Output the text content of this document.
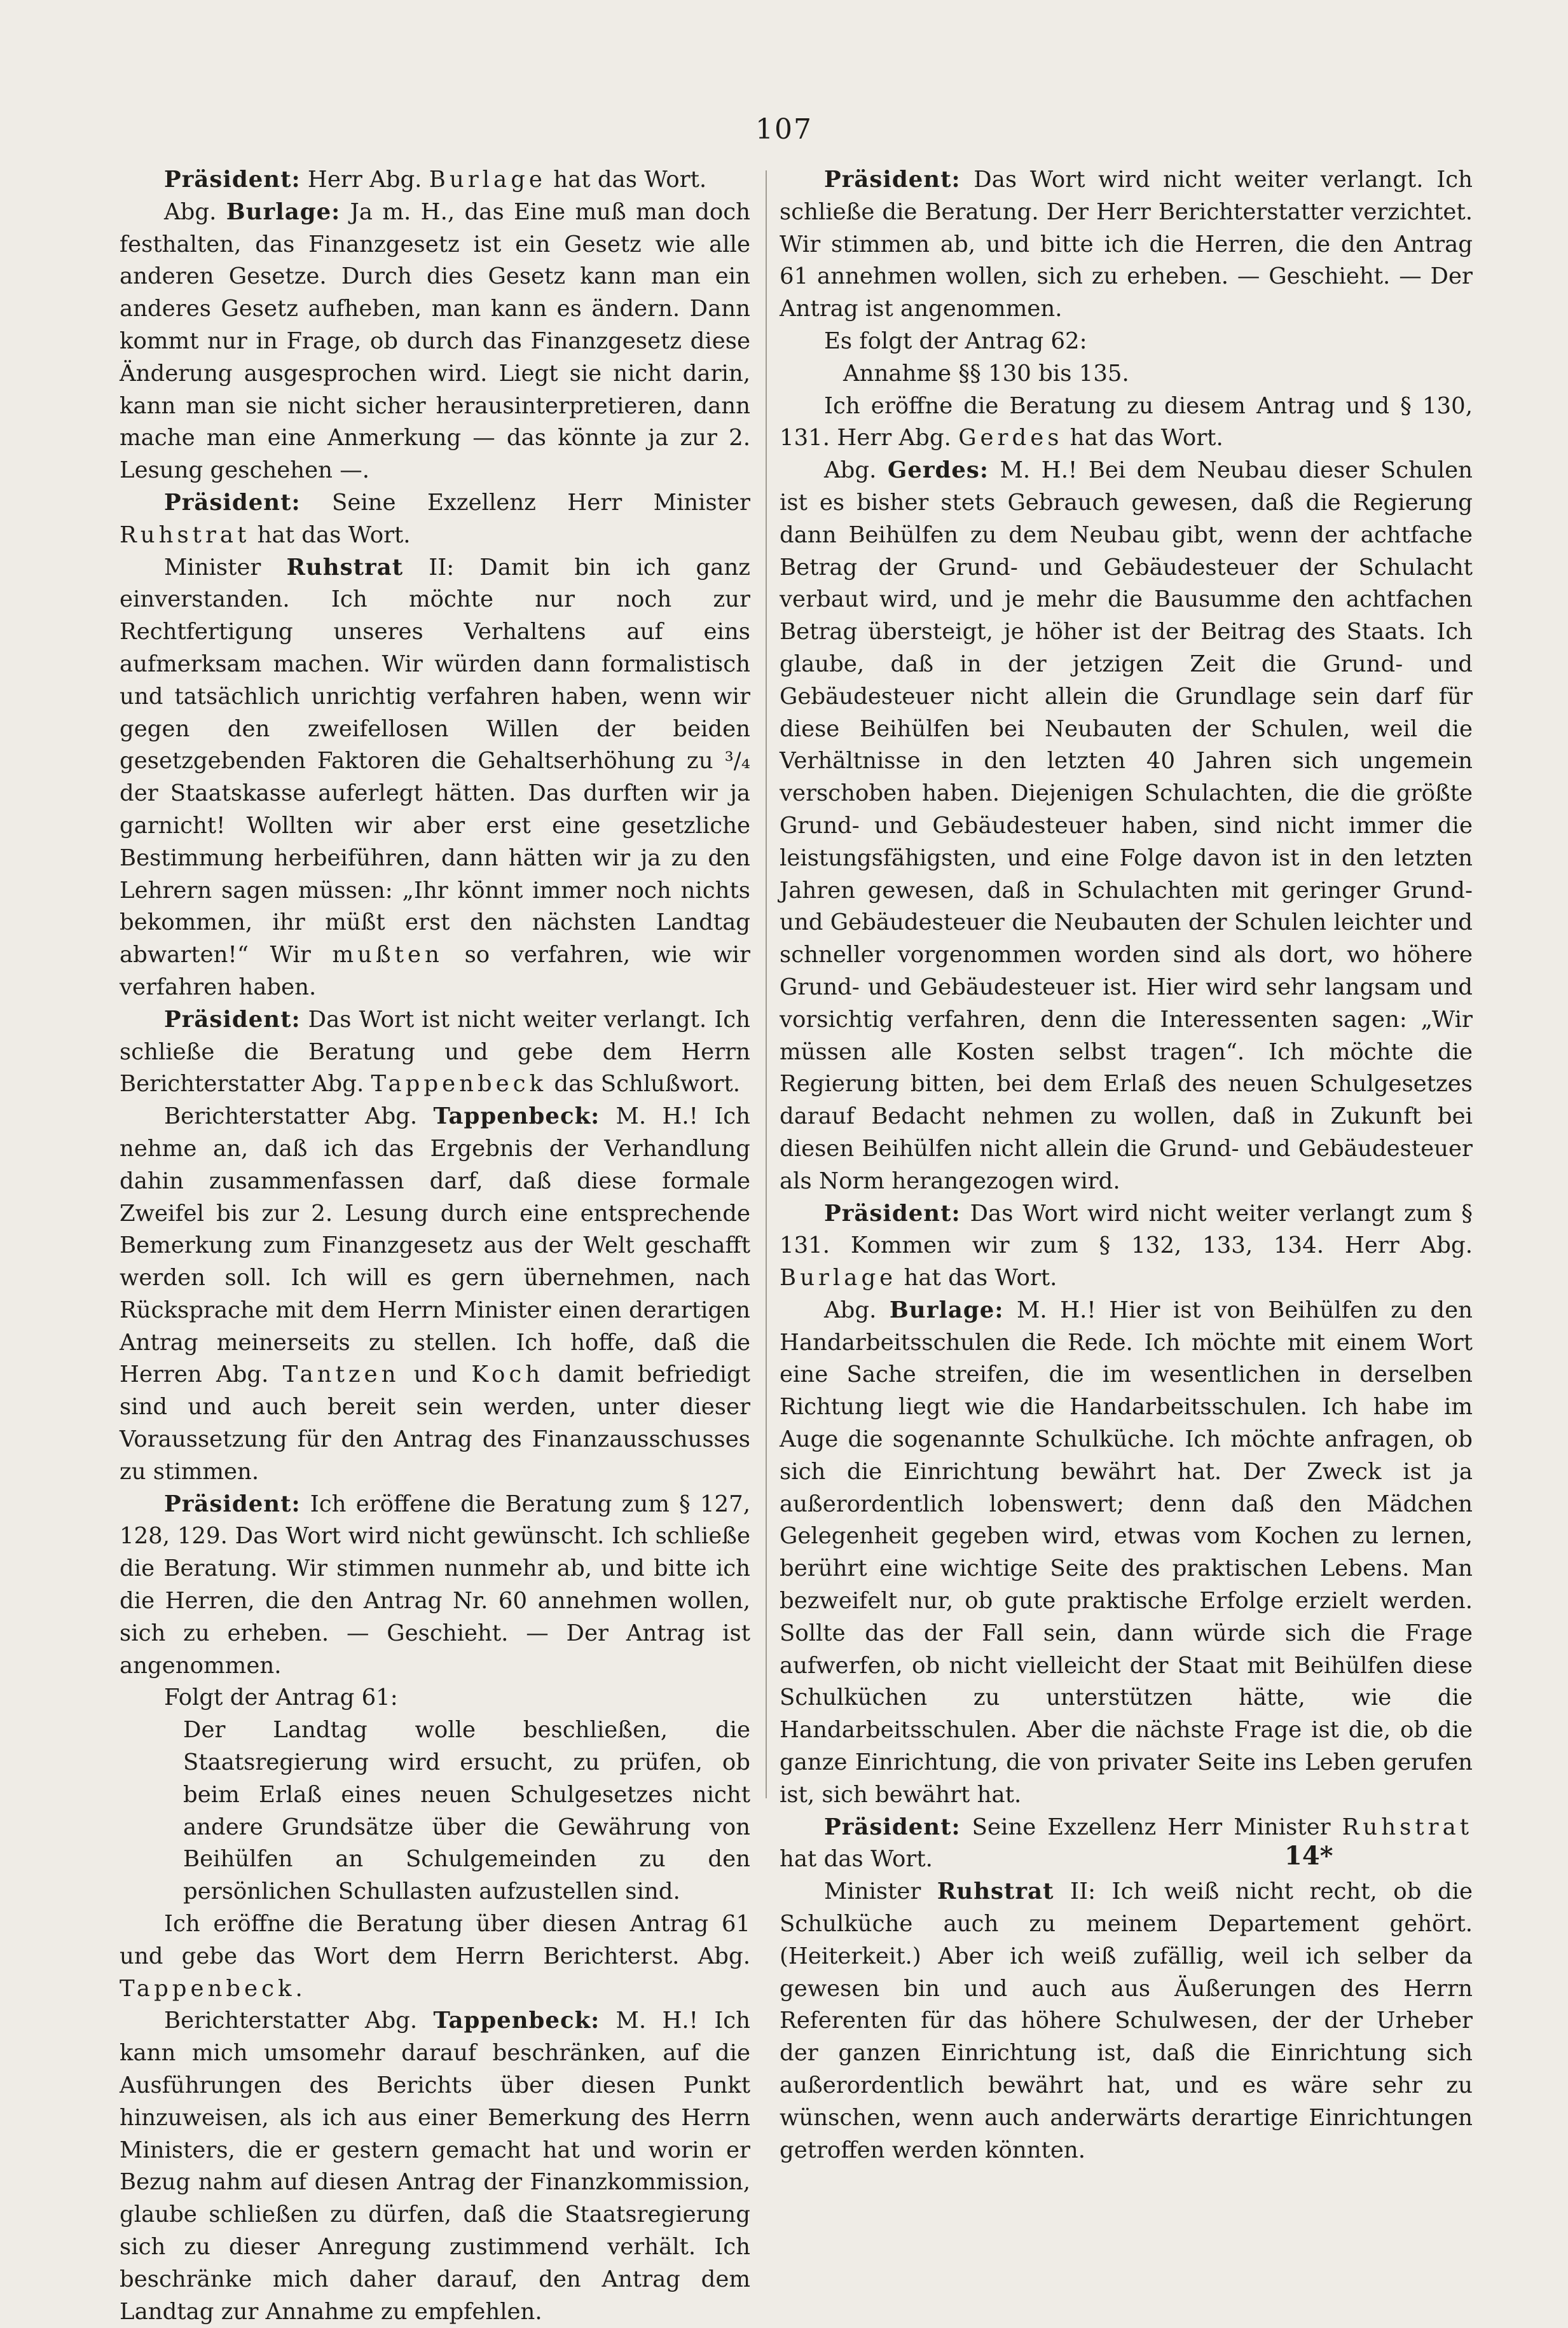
107

Präsident: Herr Abg. Burlage hat das Wort.

Abg. Burlage: Ja m. H., das Eine muß man doch festhalten, das Finanzgesetz ist ein Gesetz wie alle anderen Gesetze. Durch dies Gesetz kann man ein anderes Gesetz aufheben, man kann es ändern. Dann kommt nur in Frage, ob durch das Finanzgesetz diese Änderung ausgesprochen wird. Liegt sie nicht darin, kann man sie nicht sicher herausinterpretieren, dann mache man eine Anmerkung — das könnte ja zur 2. Lesung geschehen —.

Präsident: Seine Exzellenz Herr Minister Ruhstrat hat das Wort.

Minister Ruhstrat II: Damit bin ich ganz einverstanden. Ich möchte nur noch zur Rechtfertigung unseres Verhaltens auf eins aufmerksam machen. Wir würden dann formalistisch und tatsächlich unrichtig verfahren haben, wenn wir gegen den zweifellosen Willen der beiden gesetzgebenden Faktoren die Gehaltserhöhung zu ³/₄ der Staatskasse auferlegt hätten. Das durften wir ja garnicht! Wollten wir aber erst eine gesetzliche Bestimmung herbeiführen, dann hätten wir ja zu den Lehrern sagen müssen: „Ihr könnt immer noch nichts bekommen, ihr müßt erst den nächsten Landtag abwarten!“ Wir mußten so verfahren, wie wir verfahren haben.

Präsident: Das Wort ist nicht weiter verlangt. Ich schließe die Beratung und gebe dem Herrn Berichterstatter Abg. Tappenbeck das Schlußwort.

Berichterstatter Abg. Tappenbeck: M. H.! Ich nehme an, daß ich das Ergebnis der Verhandlung dahin zusammenfassen darf, daß diese formale Zweifel bis zur 2. Lesung durch eine entsprechende Bemerkung zum Finanzgesetz aus der Welt geschafft werden soll. Ich will es gern übernehmen, nach Rücksprache mit dem Herrn Minister einen derartigen Antrag meinerseits zu stellen. Ich hoffe, daß die Herren Abg. Tantzen und Koch damit befriedigt sind und auch bereit sein werden, unter dieser Voraussetzung für den Antrag des Finanzausschusses zu stimmen.

Präsident: Ich eröffene die Beratung zum § 127, 128, 129. Das Wort wird nicht gewünscht. Ich schließe die Beratung. Wir stimmen nunmehr ab, und bitte ich die Herren, die den Antrag Nr. 60 annehmen wollen, sich zu erheben. — Geschieht. — Der Antrag ist angenommen.

Folgt der Antrag 61:

Der Landtag wolle beschließen, die Staatsregierung wird ersucht, zu prüfen, ob beim Erlaß eines neuen Schulgesetzes nicht andere Grundsätze über die Gewährung von Beihülfen an Schulgemeinden zu den persönlichen Schullasten aufzustellen sind.

Ich eröffne die Beratung über diesen Antrag 61 und gebe das Wort dem Herrn Berichterst. Abg. Tappenbeck.

Berichterstatter Abg. Tappenbeck: M. H.! Ich kann mich umsomehr darauf beschränken, auf die Ausführungen des Berichts über diesen Punkt hinzuweisen, als ich aus einer Bemerkung des Herrn Ministers, die er gestern gemacht hat und worin er Bezug nahm auf diesen Antrag der Finanzkommission, glaube schließen zu dürfen, daß die Staatsregierung sich zu dieser Anregung zustimmend verhält. Ich beschränke mich daher darauf, den Antrag dem Landtag zur Annahme zu empfehlen.

Präsident: Das Wort wird nicht weiter verlangt. Ich schließe die Beratung. Der Herr Berichterstatter verzichtet. Wir stimmen ab, und bitte ich die Herren, die den Antrag 61 annehmen wollen, sich zu erheben. — Geschieht. — Der Antrag ist angenommen.

Es folgt der Antrag 62:

Annahme §§ 130 bis 135.

Ich eröffne die Beratung zu diesem Antrag und § 130, 131. Herr Abg. Gerdes hat das Wort.

Abg. Gerdes: M. H.! Bei dem Neubau dieser Schulen ist es bisher stets Gebrauch gewesen, daß die Regierung dann Beihülfen zu dem Neubau gibt, wenn der achtfache Betrag der Grund- und Gebäudesteuer der Schulacht verbaut wird, und je mehr die Bausumme den achtfachen Betrag übersteigt, je höher ist der Beitrag des Staats. Ich glaube, daß in der jetzigen Zeit die Grund- und Gebäudesteuer nicht allein die Grundlage sein darf für diese Beihülfen bei Neubauten der Schulen, weil die Verhältnisse in den letzten 40 Jahren sich ungemein verschoben haben. Diejenigen Schulachten, die die größte Grund- und Gebäudesteuer haben, sind nicht immer die leistungsfähigsten, und eine Folge davon ist in den letzten Jahren gewesen, daß in Schulachten mit geringer Grund- und Gebäudesteuer die Neubauten der Schulen leichter und schneller vorgenommen worden sind als dort, wo höhere Grund- und Gebäudesteuer ist. Hier wird sehr langsam und vorsichtig verfahren, denn die Interessenten sagen: „Wir müssen alle Kosten selbst tragen“. Ich möchte die Regierung bitten, bei dem Erlaß des neuen Schulgesetzes darauf Bedacht nehmen zu wollen, daß in Zukunft bei diesen Beihülfen nicht allein die Grund- und Gebäudesteuer als Norm herangezogen wird.

Präsident: Das Wort wird nicht weiter verlangt zum § 131. Kommen wir zum § 132, 133, 134. Herr Abg. Burlage hat das Wort.

Abg. Burlage: M. H.! Hier ist von Beihülfen zu den Handarbeitsschulen die Rede. Ich möchte mit einem Wort eine Sache streifen, die im wesentlichen in derselben Richtung liegt wie die Handarbeitsschulen. Ich habe im Auge die sogenannte Schulküche. Ich möchte anfragen, ob sich die Einrichtung bewährt hat. Der Zweck ist ja außerordentlich lobenswert; denn daß den Mädchen Gelegenheit gegeben wird, etwas vom Kochen zu lernen, berührt eine wichtige Seite des praktischen Lebens. Man bezweifelt nur, ob gute praktische Erfolge erzielt werden. Sollte das der Fall sein, dann würde sich die Frage aufwerfen, ob nicht vielleicht der Staat mit Beihülfen diese Schulküchen zu unterstützen hätte, wie die Handarbeitsschulen. Aber die nächste Frage ist die, ob die ganze Einrichtung, die von privater Seite ins Leben gerufen ist, sich bewährt hat.

Präsident: Seine Exzellenz Herr Minister Ruhstrat hat das Wort.

Minister Ruhstrat II: Ich weiß nicht recht, ob die Schulküche auch zu meinem Departement gehört. (Heiterkeit.) Aber ich weiß zufällig, weil ich selber da gewesen bin und auch aus Äußerungen des Herrn Referenten für das höhere Schulwesen, der der Urheber der ganzen Einrichtung ist, daß die Einrichtung sich außerordentlich bewährt hat, und es wäre sehr zu wünschen, wenn auch anderwärts derartige Einrichtungen getroffen werden könnten.

14*
